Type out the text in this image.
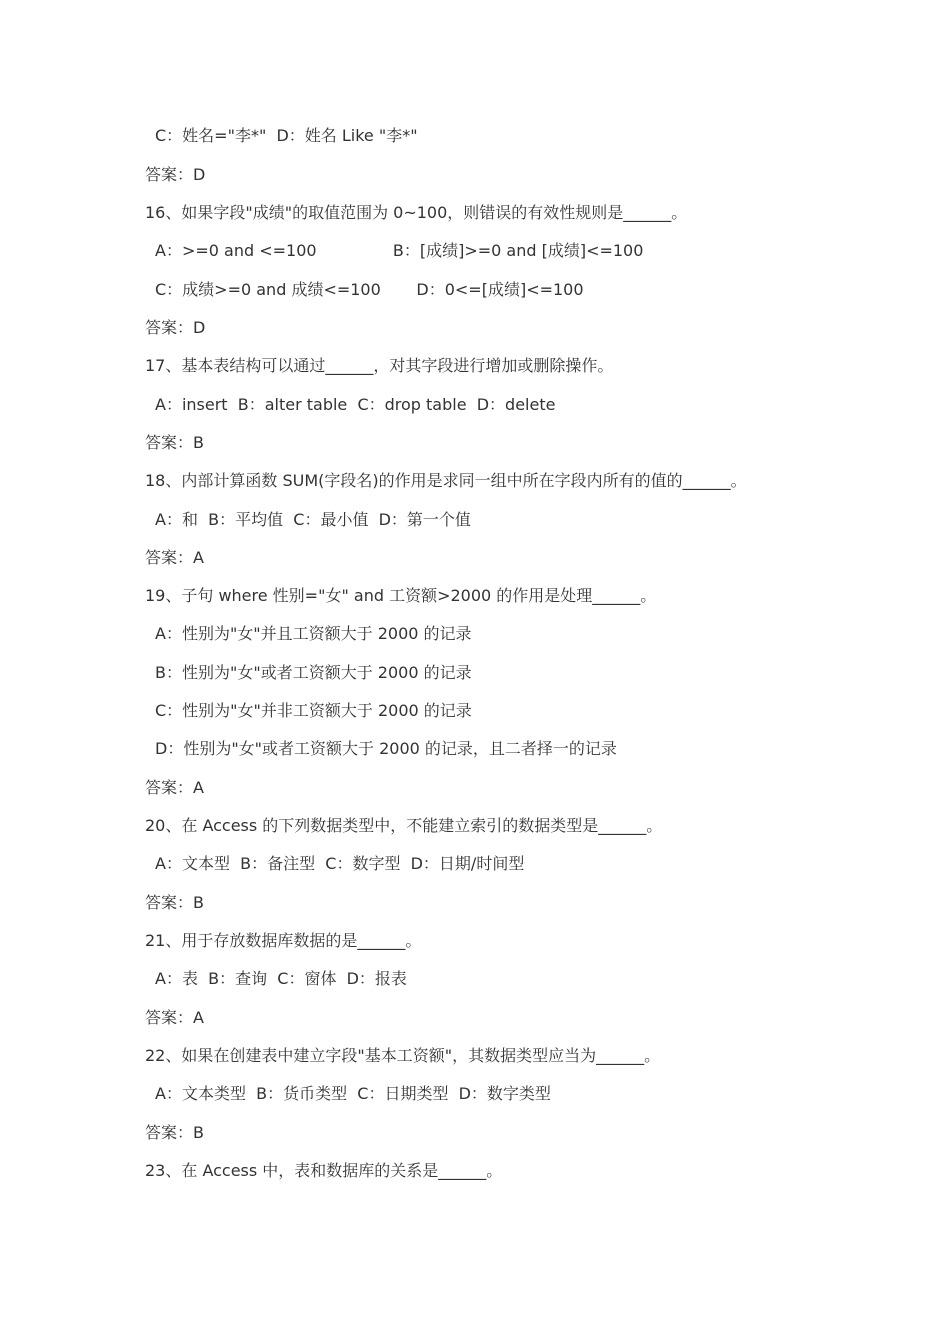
C：姓名="李*"  D：姓名 Like "李*"
答案：D
16、如果字段"成绩"的取值范围为 0~100，则错误的有效性规则是______。
A：>=0 and <=100               B：[成绩]>=0 and [成绩]<=100
C：成绩>=0 and 成绩<=100       D：0<=[成绩]<=100
答案：D
17、基本表结构可以通过______，对其字段进行增加或删除操作。
A：insert  B：alter table  C：drop table  D：delete
答案：B
18、内部计算函数 SUM(字段名)的作用是求同一组中所在字段内所有的值的______。
A：和  B：平均值  C：最小值  D：第一个值
答案：A
19、子句 where 性别="女" and 工资额>2000 的作用是处理______。
A：性别为"女"并且工资额大于 2000 的记录
B：性别为"女"或者工资额大于 2000 的记录
C：性别为"女"并非工资额大于 2000 的记录
D：性别为"女"或者工资额大于 2000 的记录，且二者择一的记录
答案：A
20、在 Access 的下列数据类型中，不能建立索引的数据类型是______。
A：文本型  B：备注型  C：数字型  D：日期/时间型
答案：B
21、用于存放数据库数据的是______。
A：表  B：查询  C：窗体  D：报表
答案：A
22、如果在创建表中建立字段"基本工资额"，其数据类型应当为______。
A：文本类型  B：货币类型  C：日期类型  D：数字类型
答案：B
23、在 Access 中，表和数据库的关系是______。
